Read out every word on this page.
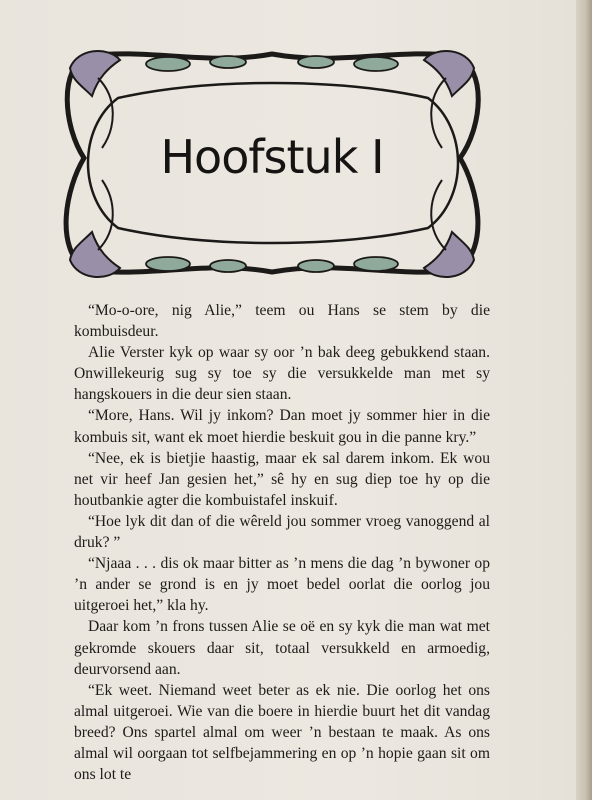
Hoofstuk I

“Mo-o-ore, nig Alie,” teem ou Hans se stem by die kombuisdeur.

Alie Verster kyk op waar sy oor ’n bak deeg gebukkend staan. Onwillekeurig sug sy toe sy die versukkelde man met sy hangskouers in die deur sien staan.

“More, Hans. Wil jy inkom? Dan moet jy sommer hier in die kombuis sit, want ek moet hierdie beskuit gou in die panne kry.”

“Nee, ek is bietjie haastig, maar ek sal darem inkom. Ek wou net vir heef Jan gesien het,” sê hy en sug diep toe hy op die houtbankie agter die kombuistafel inskuif.

“Hoe lyk dit dan of die wêreld jou sommer vroeg vanoggend al druk? ”

“Njaaa . . . dis ok maar bitter as ’n mens die dag ’n bywoner op ’n ander se grond is en jy moet bedel oorlat die oorlog jou uitgeroei het,” kla hy.

Daar kom ’n frons tussen Alie se oë en sy kyk die man wat met gekromde skouers daar sit, totaal versukkeld en armoedig, deurvorsend aan.

“Ek weet. Niemand weet beter as ek nie. Die oorlog het ons almal uitgeroei. Wie van die boere in hierdie buurt het dit vandag breed? Ons spartel almal om weer ’n bestaan te maak. As ons almal wil oorgaan tot selfbejammering en op ’n hopie gaan sit om ons lot te
